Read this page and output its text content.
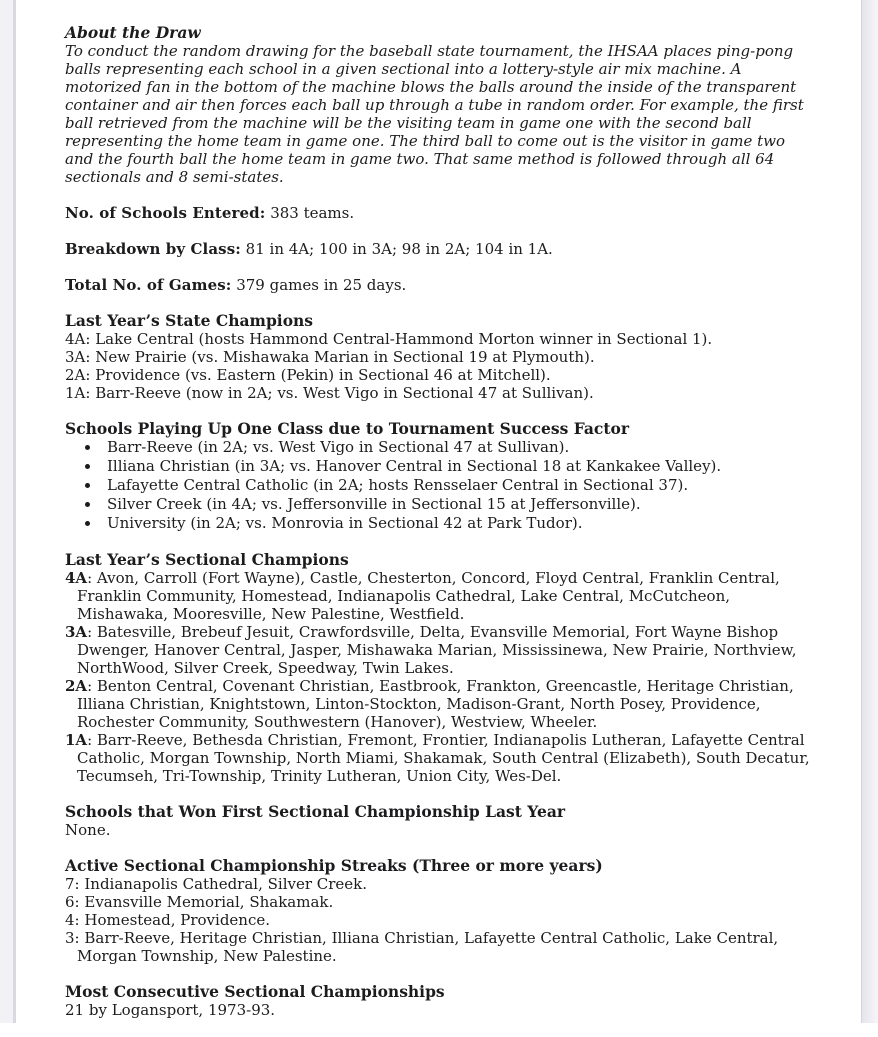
About the Draw

To conduct the random drawing for the baseball state tournament, the IHSAA places ping-pong balls representing each school in a given sectional into a lottery-style air mix machine. A motorized fan in the bottom of the machine blows the balls around the inside of the transparent container and air then forces each ball up through a tube in random order. For example, the first ball retrieved from the machine will be the visiting team in game one with the second ball representing the home team in game one. The third ball to come out is the visitor in game two and the fourth ball the home team in game two. That same method is followed through all 64 sectionals and 8 semi-states.

No. of Schools Entered: 383 teams.

Breakdown by Class: 81 in 4A; 100 in 3A; 98 in 2A; 104 in 1A.

Total No. of Games: 379 games in 25 days.

Last Year’s State Champions

4A: Lake Central (hosts Hammond Central-Hammond Morton winner in Sectional 1).

3A: New Prairie (vs. Mishawaka Marian in Sectional 19 at Plymouth).

2A: Providence (vs. Eastern (Pekin) in Sectional 46 at Mitchell).

1A: Barr-Reeve (now in 2A; vs. West Vigo in Sectional 47 at Sullivan).

Schools Playing Up One Class due to Tournament Success Factor
• Barr-Reeve (in 2A; vs. West Vigo in Sectional 47 at Sullivan).
• Illiana Christian (in 3A; vs. Hanover Central in Sectional 18 at Kankakee Valley).
• Lafayette Central Catholic (in 2A; hosts Rensselaer Central in Sectional 37).
• Silver Creek (in 4A; vs. Jeffersonville in Sectional 15 at Jeffersonville).
• University (in 2A; vs. Monrovia in Sectional 42 at Park Tudor).
Last Year’s Sectional Champions

4A: Avon, Carroll (Fort Wayne), Castle, Chesterton, Concord, Floyd Central, Franklin Central, Franklin Community, Homestead, Indianapolis Cathedral, Lake Central, McCutcheon, Mishawaka, Mooresville, New Palestine, Westfield.

3A: Batesville, Brebeuf Jesuit, Crawfordsville, Delta, Evansville Memorial, Fort Wayne Bishop Dwenger, Hanover Central, Jasper, Mishawaka Marian, Mississinewa, New Prairie, Northview, NorthWood, Silver Creek, Speedway, Twin Lakes.

2A: Benton Central, Covenant Christian, Eastbrook, Frankton, Greencastle, Heritage Christian, Illiana Christian, Knightstown, Linton-Stockton, Madison-Grant, North Posey, Providence, Rochester Community, Southwestern (Hanover), Westview, Wheeler.

1A: Barr-Reeve, Bethesda Christian, Fremont, Frontier, Indianapolis Lutheran, Lafayette Central Catholic, Morgan Township, North Miami, Shakamak, South Central (Elizabeth), South Decatur, Tecumseh, Tri-Township, Trinity Lutheran, Union City, Wes-Del.

Schools that Won First Sectional Championship Last Year

None.

Active Sectional Championship Streaks (Three or more years)

7: Indianapolis Cathedral, Silver Creek.

6: Evansville Memorial, Shakamak.

4: Homestead, Providence.

3: Barr-Reeve, Heritage Christian, Illiana Christian, Lafayette Central Catholic, Lake Central, Morgan Township, New Palestine.

Most Consecutive Sectional Championships

21 by Logansport, 1973-93.
